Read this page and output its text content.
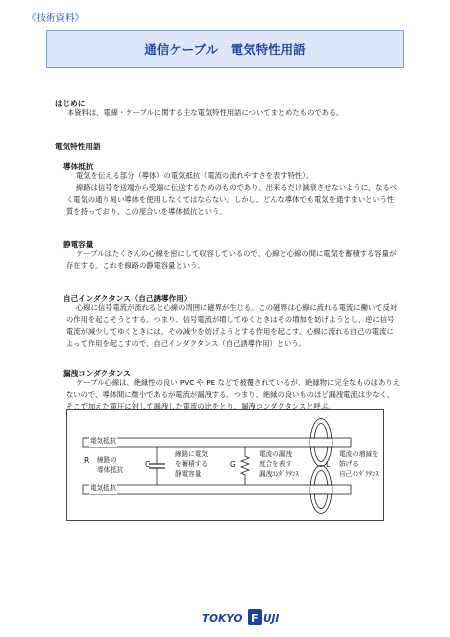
《技術資料》
通信ケーブル　電気特性用語
はじめに
本資料は、電線・ケーブルに関する主な電気特性用語についてまとめたものである。
電気特性用語
導体抵抗
電気を伝える部分（導体）の電気抵抗（電流の流れやすさを表す特性）。
線路は信号を送端から受端に伝送するためのものであり、出来るだけ減衰させないように、なるべ
く電気の通り易い導体を使用しなくてはならない。しかし、どんな導体でも電気を通すまいという性
質を持っており、この度合いを導体抵抗という。
静電容量
ケーブルはたくさんの心線を密にして収容しているので、心線と心線の間に電気を蓄積する容量が
存在する。これを線路の静電容量という。
自己インダクタンス（自己誘導作用）
心線に信号電流が流れると心線の周囲に磁界が生じる。この磁界は心線に流れる電流に働いて反対
の作用を起こそうとする。つまり、信号電流が増してゆくときはその増加を妨げようとし、逆に信号
電流が減少してゆくときには、その減少を妨げようとする作用を起こす。心線に流れる自己の電流に
よって作用を起こすので、自己インダクタンス（自己誘導作用）という。
漏洩コンダクタンス
ケーブル心線は、絶縁性の良い PVC や PE などで被覆されているが、絶縁物に完全なものはありえ
ないので、導体間に微小であるが電流が漏洩する。つまり、絶縁の良いものほど漏洩電流は少なく、
そこで加えた電圧に対して漏洩した電流の比をとり、漏洩コンダクタンスと呼ぶ。
電気抵抗
電気抵抗
R 線路の
導体抵抗
C
線路に電気
を蓄積する
静電容量
G
電流の漏洩
度合を表す
漏洩ｺﾝﾀﾞｸﾀﾝｽ
L
電流の増減を
妨げる
自己ｲﾝﾀﾞｸﾀﾝｽ
TOKYO F UJI
